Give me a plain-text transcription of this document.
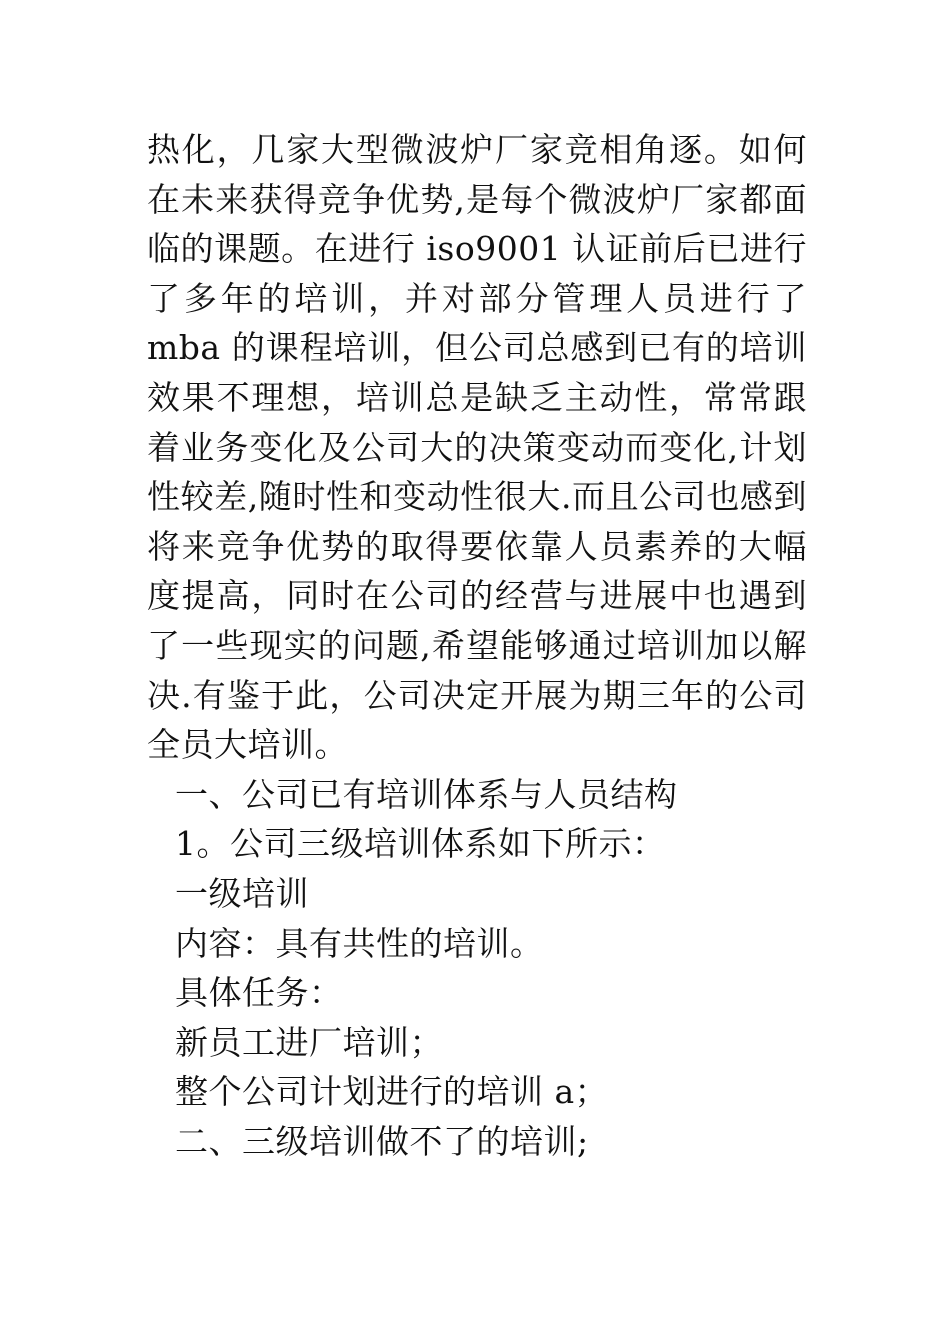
热化，几家大型微波炉厂家竞相角逐。如何在未来获得竞争优势,是每个微波炉厂家都面临的课题。在进行 iso9001 认证前后已进行了多年的培训，并对部分管理人员进行了 mba 的课程培训，但公司总感到已有的培训效果不理想，培训总是缺乏主动性，常常跟着业务变化及公司大的决策变动而变化,计划性较差,随时性和变动性很大.而且公司也感到将来竞争优势的取得要依靠人员素养的大幅度提高，同时在公司的经营与进展中也遇到了一些现实的问题,希望能够通过培训加以解决.有鉴于此，公司决定开展为期三年的公司全员大培训。

一、公司已有培训体系与人员结构

1。公司三级培训体系如下所示：

一级培训

内容：具有共性的培训。

具体任务：

新员工进厂培训；

整个公司计划进行的培训 a；

二、三级培训做不了的培训;
